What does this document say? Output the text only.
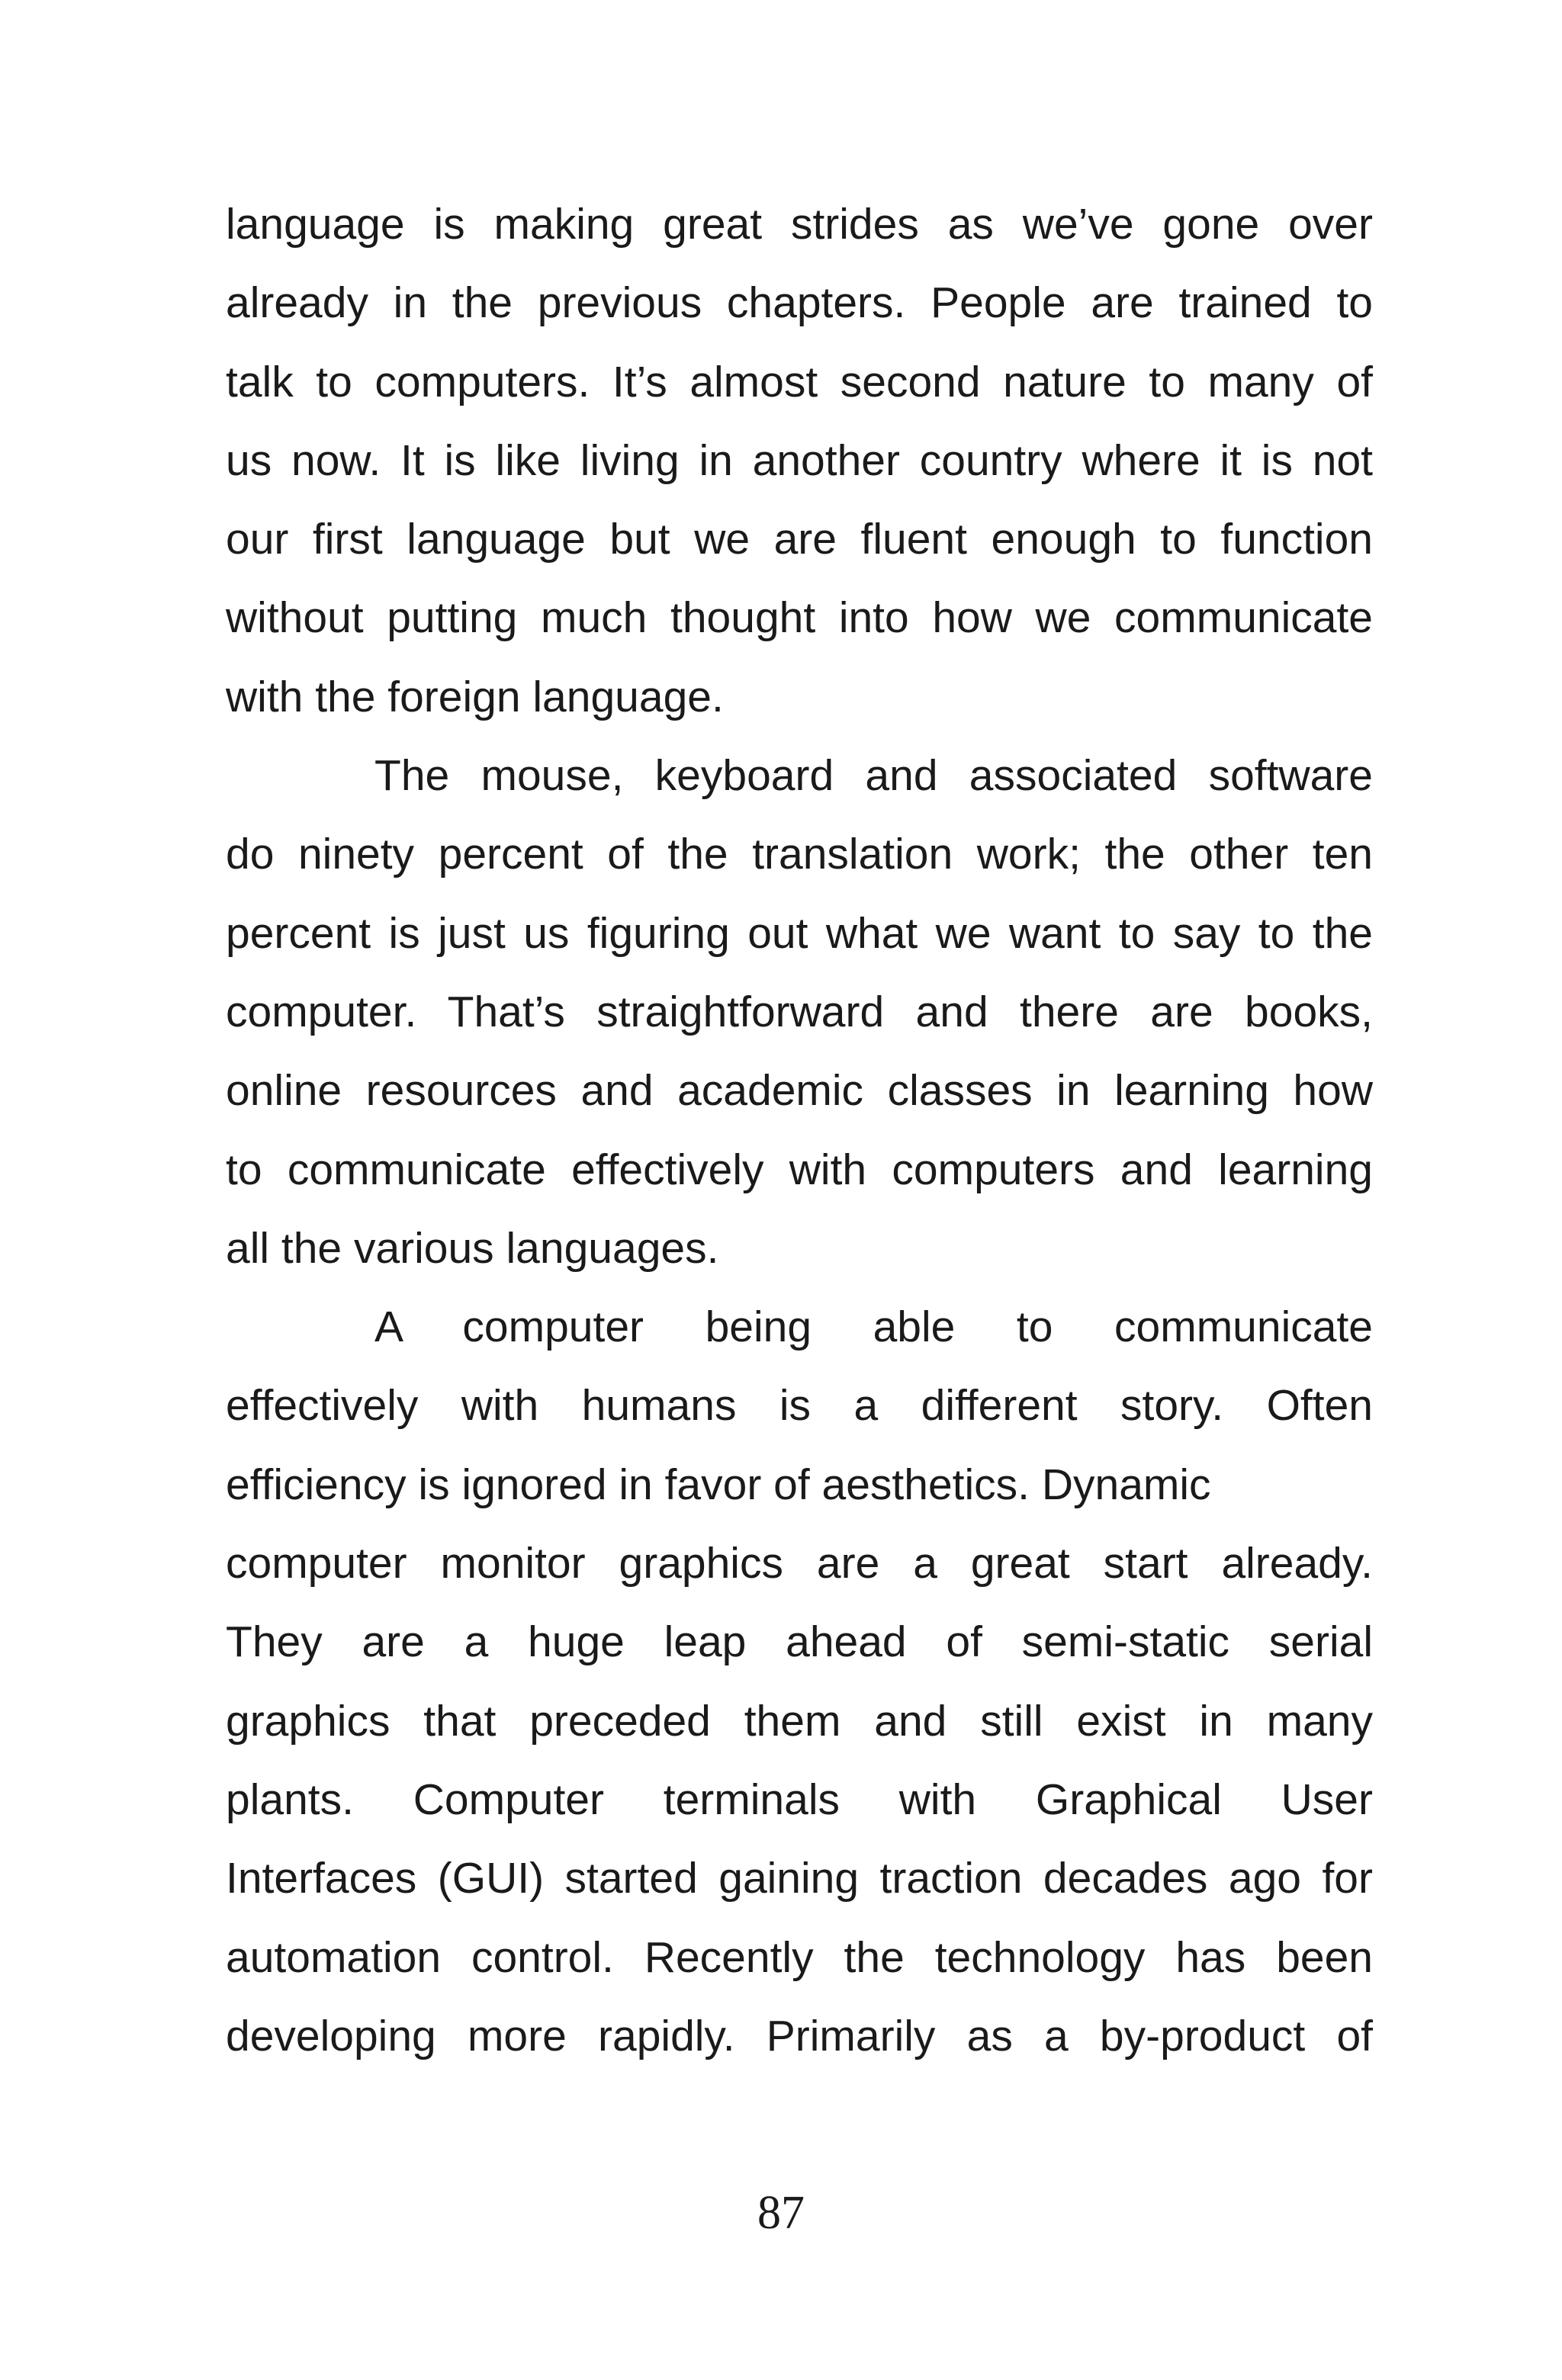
language is making great strides as we’ve gone over
already in the previous chapters. People are trained to
talk to computers. It’s almost second nature to many of
us now. It is like living in another country where it is not
our first language but we are fluent enough to function
without putting much thought into how we communicate
with the foreign language.
The mouse, keyboard and associated software
do ninety percent of the translation work; the other ten
percent is just us figuring out what we want to say to the
computer. That’s straightforward and there are books,
online resources and academic classes in learning how
to communicate effectively with computers and learning
all the various languages.
A computer being able to communicate
effectively with humans is a different story. Often
efficiency is ignored in favor of aesthetics. Dynamic
computer monitor graphics are a great start already.
They are a huge leap ahead of semi-static serial
graphics that preceded them and still exist in many
plants. Computer terminals with Graphical User
Interfaces (GUI) started gaining traction decades ago for
automation control. Recently the technology has been
developing more rapidly. Primarily as a by-product of
87
